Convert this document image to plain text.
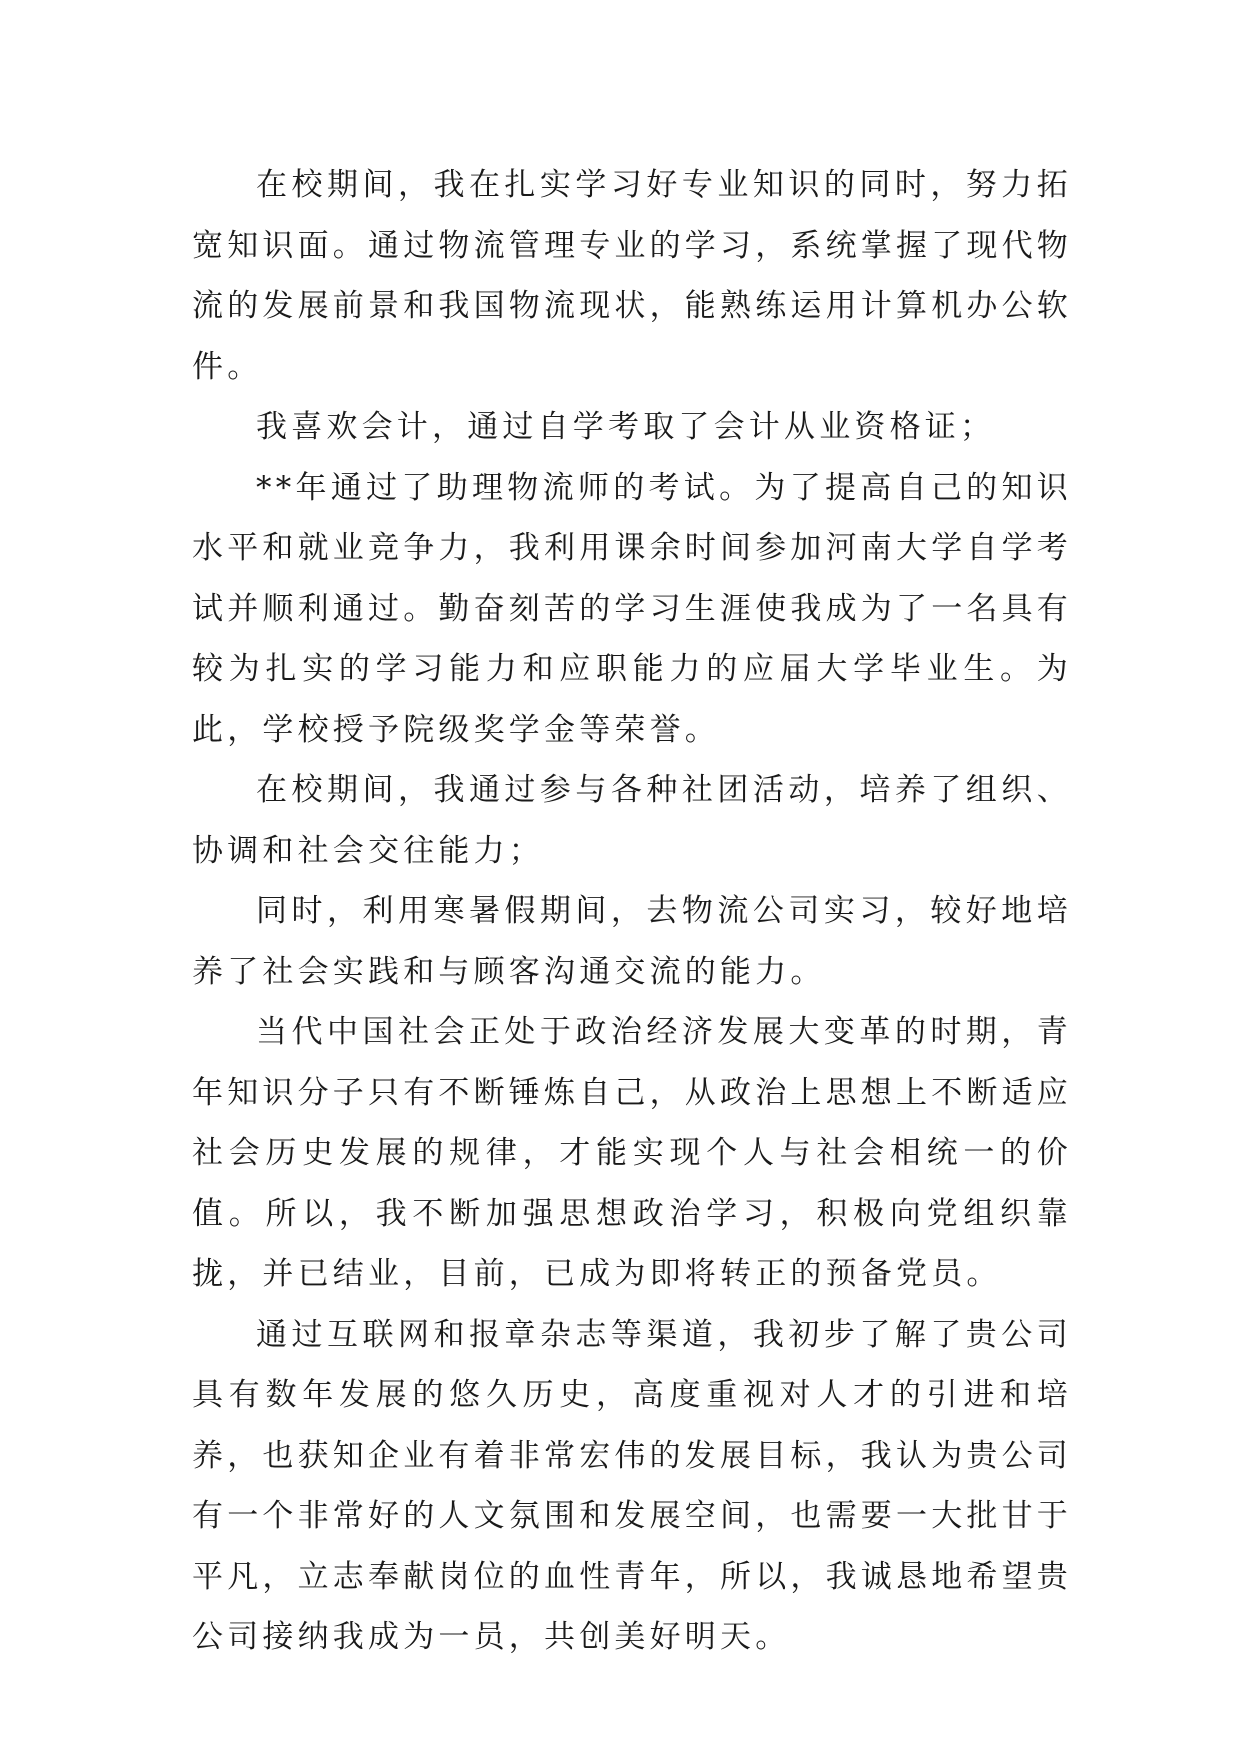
在校期间，我在扎实学习好专业知识的同时，努力拓宽知识面。通过物流管理专业的学习，系统掌握了现代物流的发展前景和我国物流现状，能熟练运用计算机办公软件。

我喜欢会计，通过自学考取了会计从业资格证；

**年通过了助理物流师的考试。为了提高自己的知识水平和就业竞争力，我利用课余时间参加河南大学自学考试并顺利通过。勤奋刻苦的学习生涯使我成为了一名具有较为扎实的学习能力和应职能力的应届大学毕业生。为此，学校授予院级奖学金等荣誉。

在校期间，我通过参与各种社团活动，培养了组织、协调和社会交往能力；

同时，利用寒暑假期间，去物流公司实习，较好地培养了社会实践和与顾客沟通交流的能力。

当代中国社会正处于政治经济发展大变革的时期，青年知识分子只有不断锤炼自己，从政治上思想上不断适应社会历史发展的规律，才能实现个人与社会相统一的价值。所以，我不断加强思想政治学习，积极向党组织靠拢，并已结业，目前，已成为即将转正的预备党员。

通过互联网和报章杂志等渠道，我初步了解了贵公司具有数年发展的悠久历史，高度重视对人才的引进和培养，也获知企业有着非常宏伟的发展目标，我认为贵公司有一个非常好的人文氛围和发展空间，也需要一大批甘于平凡，立志奉献岗位的血性青年，所以，我诚恳地希望贵公司接纳我成为一员，共创美好明天。
